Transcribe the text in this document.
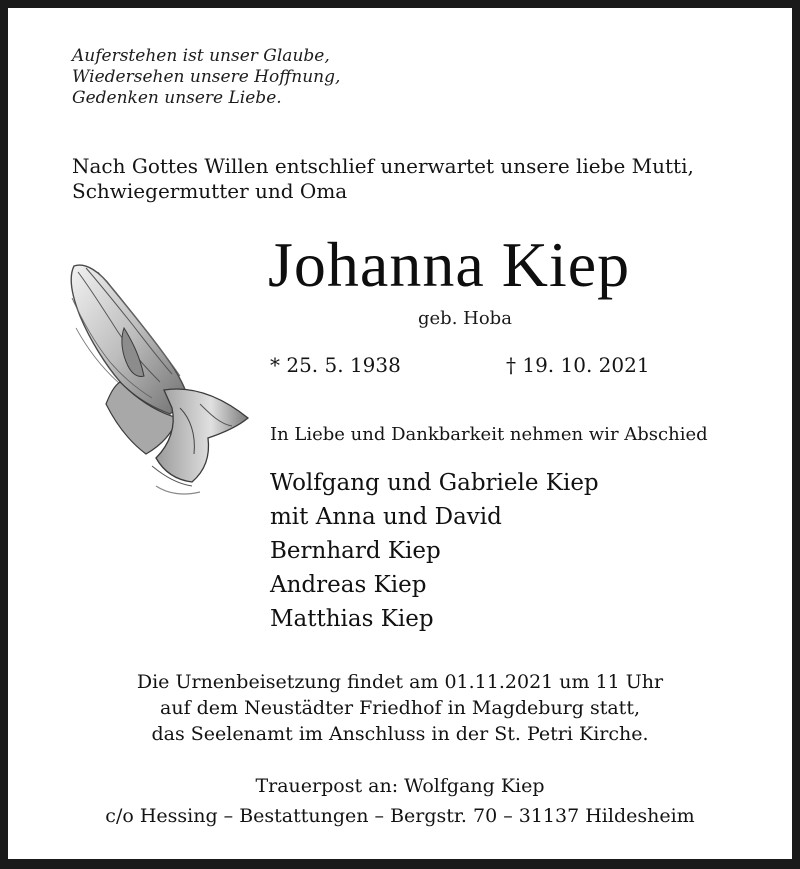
Auferstehen ist unser Glaube,
Wiedersehen unsere Hoffnung,
Gedenken unsere Liebe.
Nach Gottes Willen entschlief unerwartet unsere liebe Mutti,
Schwiegermutter und Oma
Johanna Kiep
geb. Hoba
* 25. 5. 1938	† 19. 10. 2021
In Liebe und Dankbarkeit nehmen wir Abschied
Wolfgang und Gabriele Kiep
mit Anna und David
Bernhard Kiep
Andreas Kiep
Matthias Kiep
Die Urnenbeisetzung findet am 01.11.2021 um 11 Uhr
auf dem Neustädter Friedhof in Magdeburg statt,
das Seelenamt im Anschluss in der St. Petri Kirche.
Trauerpost an: Wolfgang Kiep
c/o Hessing – Bestattungen – Bergstr. 70 – 31137 Hildesheim
